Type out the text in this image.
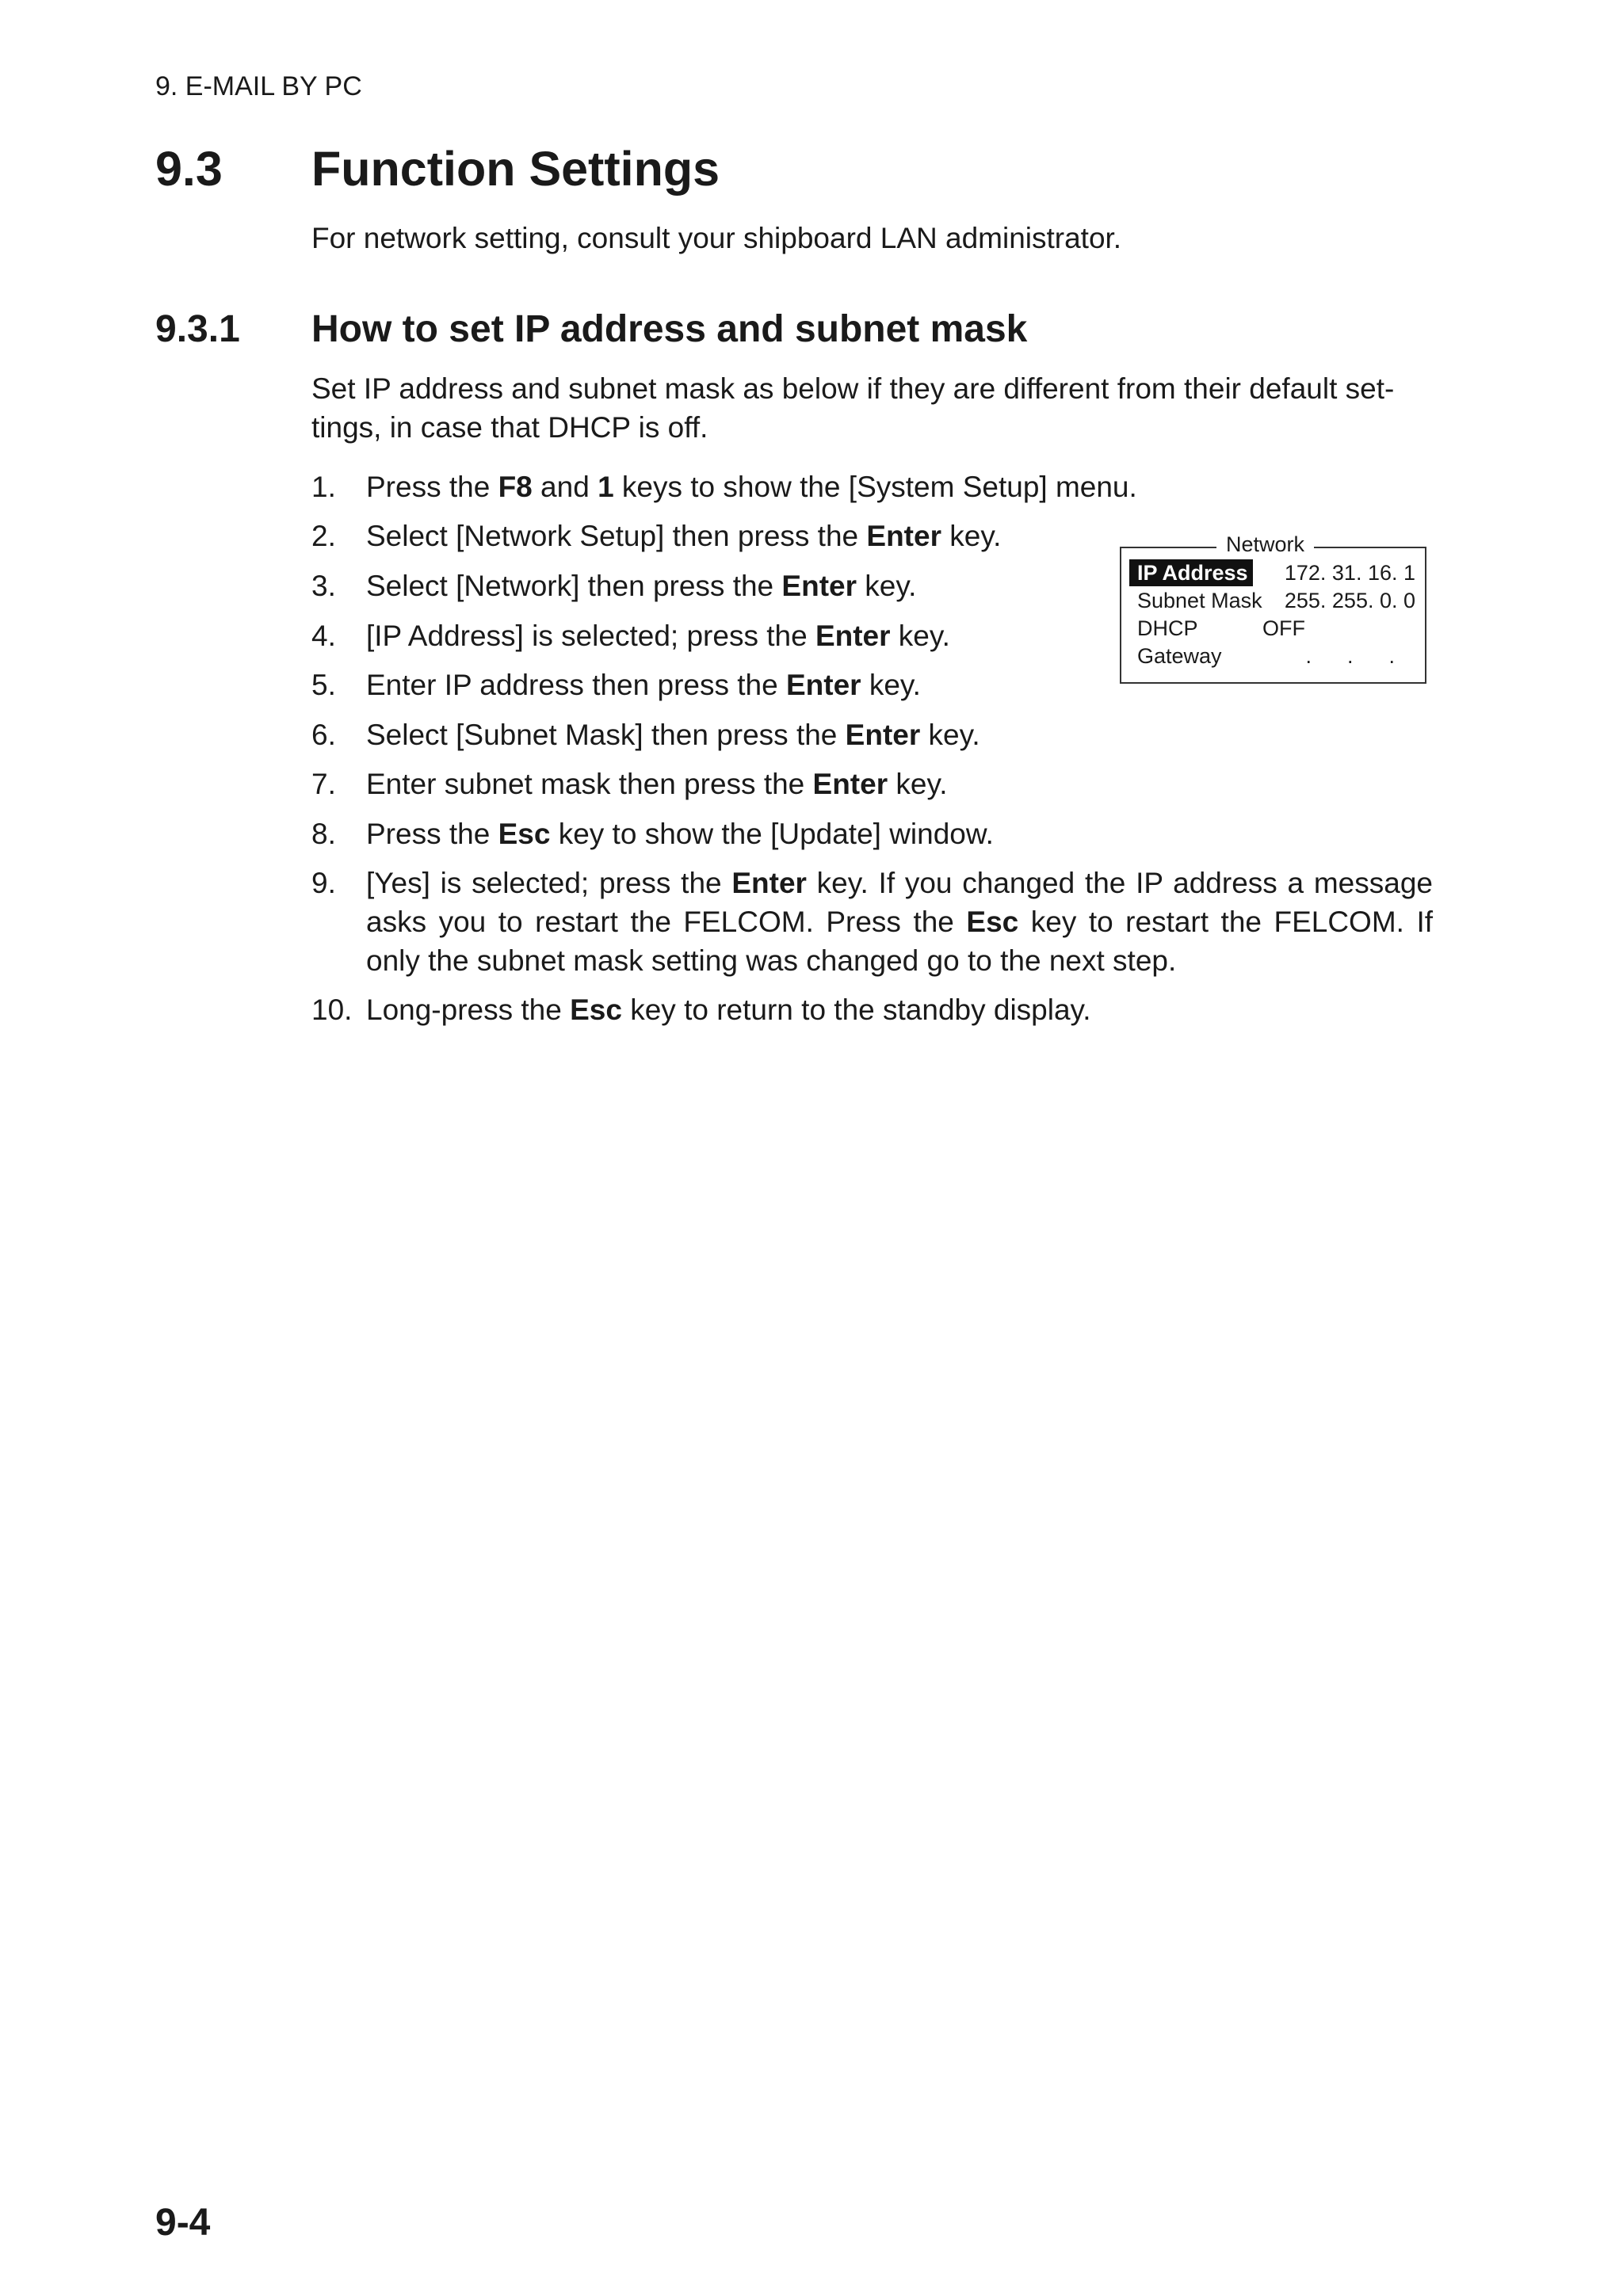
9. E-MAIL BY PC
9.3 Function Settings
For network setting, consult your shipboard LAN administrator.
9.3.1 How to set IP address and subnet mask
Set IP address and subnet mask as below if they are different from their default set-tings, in case that DHCP is off.
1. Press the F8 and 1 keys to show the [System Setup] menu.
2. Select [Network Setup] then press the Enter key.
3. Select [Network] then press the Enter key.
4. [IP Address] is selected; press the Enter key.
5. Enter IP address then press the Enter key.
6. Select [Subnet Mask] then press the Enter key.
7. Enter subnet mask then press the Enter key.
8. Press the Esc key to show the [Update] window.
9. [Yes] is selected; press the Enter key. If you changed the IP address a message asks you to restart the FELCOM. Press the Esc key to restart the FELCOM. If only the subnet mask setting was changed go to the next step.
10. Long-press the Esc key to return to the standby display.
Network
IP Address 172. 31. 16. 1
Subnet Mask 255. 255. 0. 0
DHCP	OFF
Gateway	.      .      .
9-4
